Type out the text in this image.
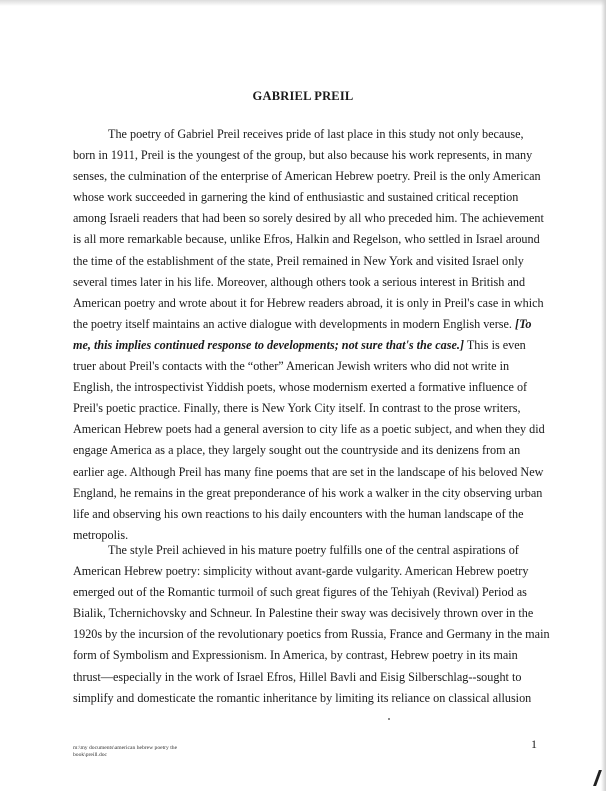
GABRIEL PREIL
The poetry of Gabriel Preil receives pride of last place in this study not only because,
born in 1911, Preil is the youngest of the group, but also because his work represents, in many
senses, the culmination of the enterprise of American Hebrew poetry. Preil is the only American
whose work succeeded in garnering the kind of enthusiastic and sustained critical reception
among Israeli readers that had been so sorely desired by all who preceded him. The achievement
is all more remarkable because, unlike Efros, Halkin and Regelson, who settled in Israel around
the time of the establishment of the state, Preil remained in New York and visited Israel only
several times later in his life. Moreover, although others took a serious interest in British and
American poetry and wrote about it for Hebrew readers abroad, it is only in Preil's case in which
the poetry itself maintains an active dialogue with developments in modern English verse. [To
me, this implies continued response to developments; not sure that's the case.] This is even
truer about Preil's contacts with the “other” American Jewish writers who did not write in
English, the introspectivist Yiddish poets, whose modernism exerted a formative influence of
Preil's poetic practice. Finally, there is New York City itself. In contrast to the prose writers,
American Hebrew poets had a general aversion to city life as a poetic subject, and when they did
engage America as a place, they largely sought out the countryside and its denizens from an
earlier age. Although Preil has many fine poems that are set in the landscape of his beloved New
England, he remains in the great preponderance of his work a walker in the city observing urban
life and observing his own reactions to his daily encounters with the human landscape of the
metropolis.
The style Preil achieved in his mature poetry fulfills one of the central aspirations of
American Hebrew poetry: simplicity without avant-garde vulgarity. American Hebrew poetry
emerged out of the Romantic turmoil of such great figures of the Tehiyah (Revival) Period as
Bialik, Tchernichovsky and Schneur. In Palestine their sway was decisively thrown over in the
1920s by the incursion of the revolutionary poetics from Russia, France and Germany in the main
form of Symbolism and Expressionism. In America, by contrast, Hebrew poetry in its main
thrust—especially in the work of Israel Efros, Hillel Bavli and Eisig Silberschlag--sought to
simplify and domesticate the romantic inheritance by limiting its reliance on classical allusion
1
m:\my documents\american hebrew poetry the
book\preill.doc
